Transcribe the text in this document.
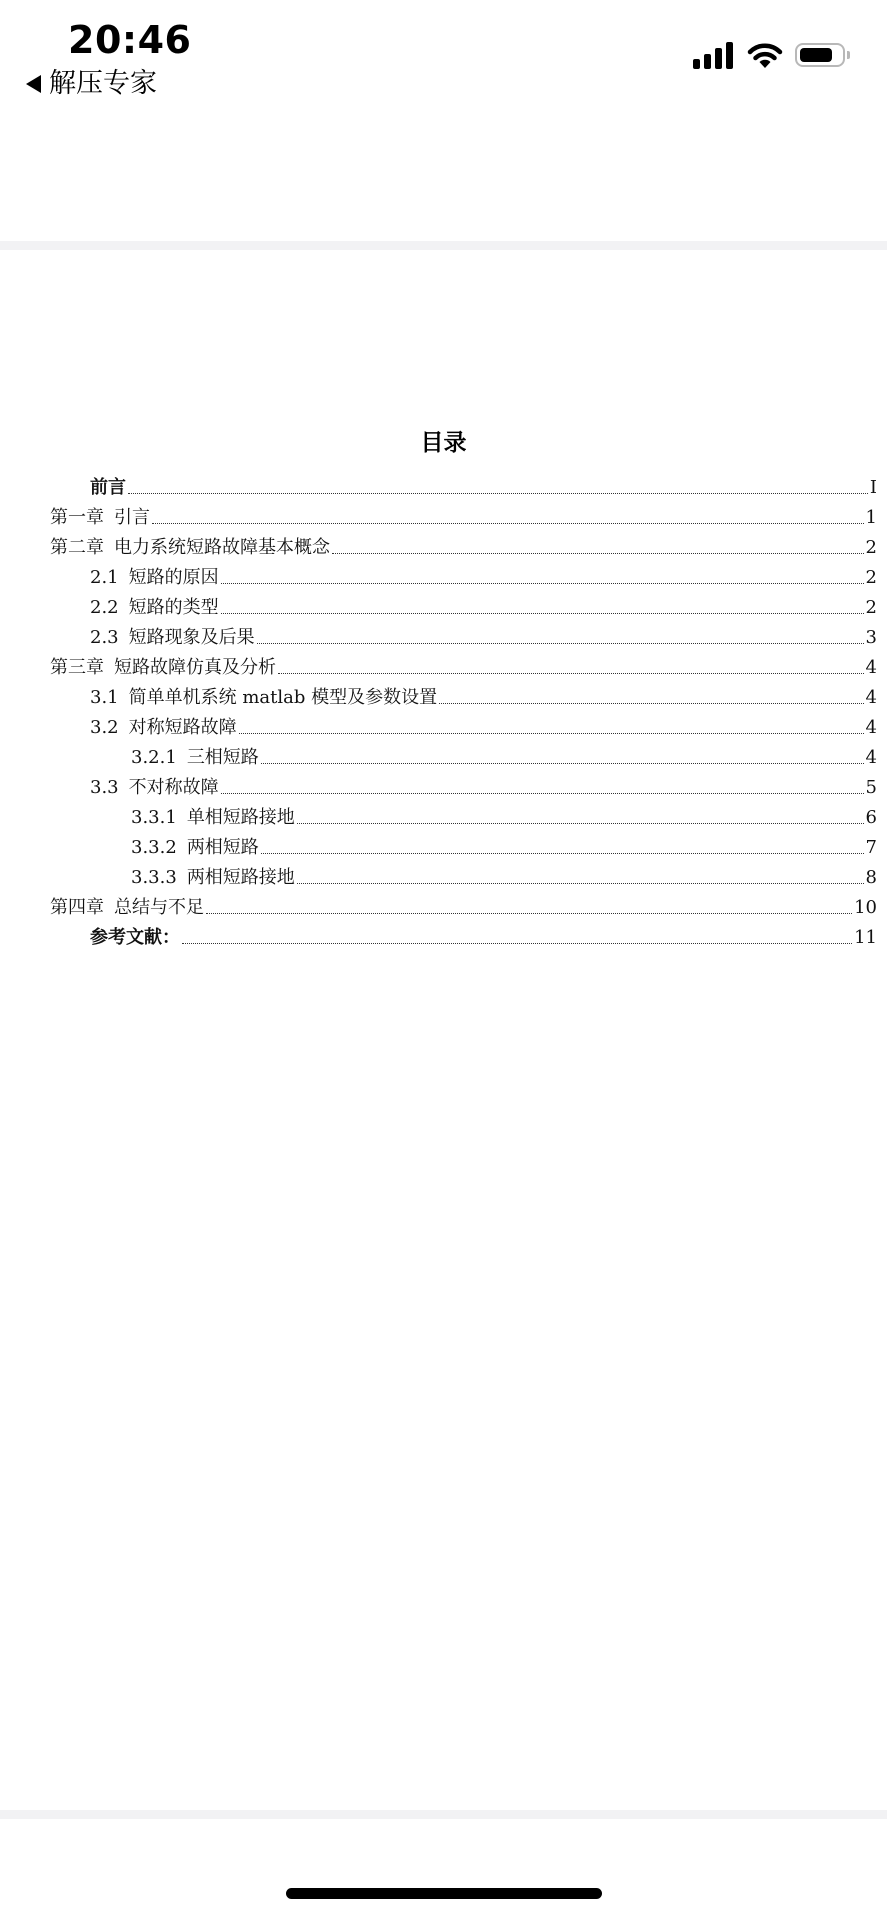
20:46
解压专家
目录
前言	I
第一章 引言	1
第二章 电力系统短路故障基本概念	2
2.1 短路的原因	2
2.2 短路的类型	2
2.3 短路现象及后果	3
第三章 短路故障仿真及分析	4
3.1 简单单机系统 matlab 模型及参数设置	4
3.2 对称短路故障	4
3.2.1 三相短路	4
3.3 不对称故障	5
3.3.1 单相短路接地	6
3.3.2 两相短路	7
3.3.3 两相短路接地	8
第四章 总结与不足	10
参考文献：	11
